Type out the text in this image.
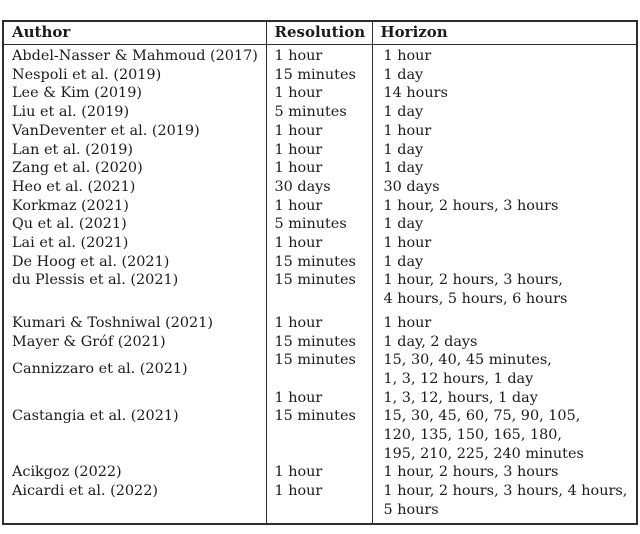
Author	Resolution	Horizon
Abdel-Nasser & Mahmoud (2017)	1 hour	1 hour
Nespoli et al. (2019)	15 minutes	1 day
Lee & Kim (2019)	1 hour	14 hours
Liu et al. (2019)	5 minutes	1 day
VanDeventer et al. (2019)	1 hour	1 hour
Lan et al. (2019)	1 hour	1 day
Zang et al. (2020)	1 hour	1 day
Heo et al. (2021)	30 days	30 days
Korkmaz (2021)	1 hour	1 hour, 2 hours, 3 hours
Qu et al. (2021)	5 minutes	1 day
Lai et al. (2021)	1 hour	1 hour
De Hoog et al. (2021)	15 minutes	1 day
du Plessis et al. (2021)	15 minutes	1 hour, 2 hours, 3 hours,
4 hours, 5 hours, 6 hours

Kumari & Toshniwal (2021)	1 hour	1 hour
Mayer & Gróf (2021)	15 minutes	1 day, 2 days
Cannizzaro et al. (2021)	15 minutes	15, 30, 40, 45 minutes,
1, 3, 12 hours, 1 day

	1 hour	1, 3, 12, hours, 1 day
Castangia et al. (2021)	15 minutes	15, 30, 45, 60, 75, 90, 105,
120, 135, 150, 165, 180,
195, 210, 225, 240 minutes

Acikgoz (2022)	1 hour	1 hour, 2 hours, 3 hours
Aicardi et al. (2022)	1 hour	1 hour, 2 hours, 3 hours, 4 hours,
5 hours
